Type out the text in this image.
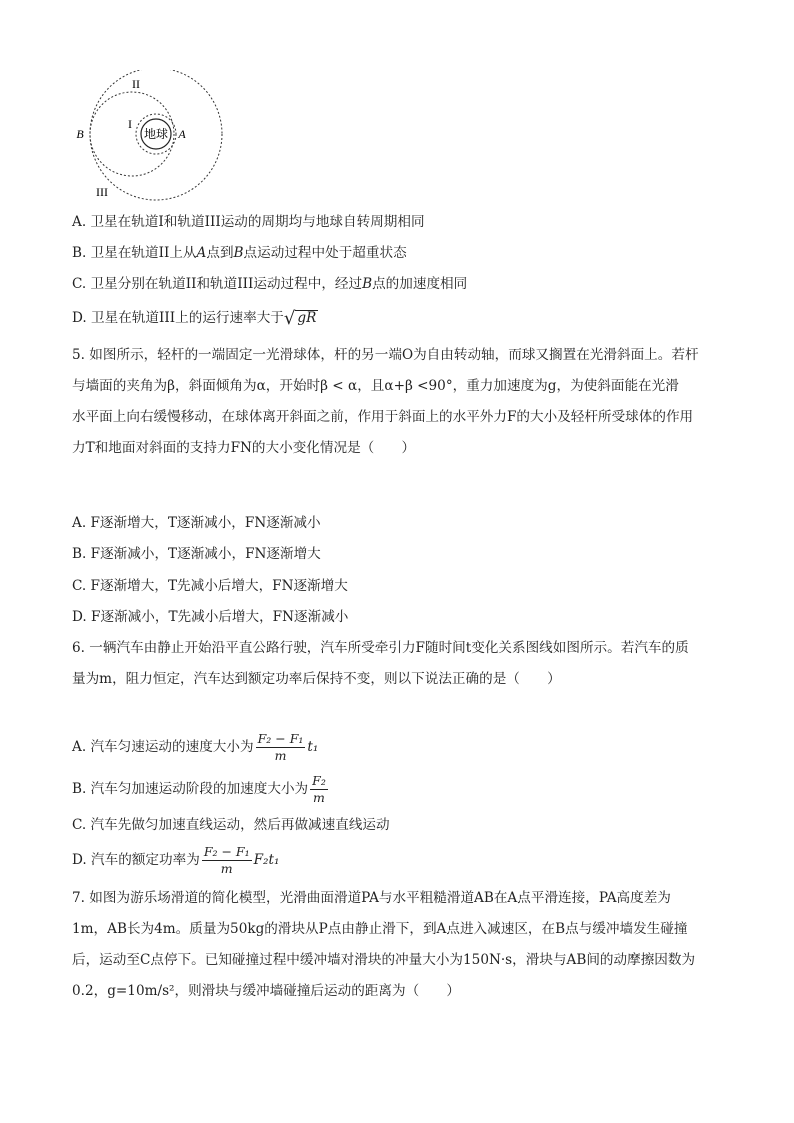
地球
II
I
III
B	A
A. 卫星在轨道I和轨道III运动的周期均与地球自转周期相同
B. 卫星在轨道II上从A点到B点运动过程中处于超重状态
C. 卫星分别在轨道II和轨道III运动过程中，经过B点的加速度相同
D. 卫星在轨道III上的运行速率大于√ gR
5. 如图所示，轻杆的一端固定一光滑球体，杆的另一端O为自由转动轴，而球又搁置在光滑斜面上。若杆
与墙面的夹角为β，斜面倾角为α，开始时β < α，且α+β <90°，重力加速度为g，为使斜面能在光滑
水平面上向右缓慢移动，在球体离开斜面之前，作用于斜面上的水平外力F的大小及轻杆所受球体的作用
力T和地面对斜面的支持力FN的大小变化情况是（　　）
A. F逐渐增大，T逐渐减小，FN逐渐减小
B. F逐渐减小，T逐渐减小，FN逐渐增大
C. F逐渐增大，T先减小后增大，FN逐渐增大
D. F逐渐减小，T先减小后增大，FN逐渐减小
6. 一辆汽车由静止开始沿平直公路行驶，汽车所受牵引力F随时间t变化关系图线如图所示。若汽车的质
量为m，阻力恒定，汽车达到额定功率后保持不变，则以下说法正确的是（　　）
A. 汽车匀速运动的速度大小为 $\frac{\text{F₂ − F₁}}{m} t_1$
B. 汽车匀加速运动阶段的加速度大小为 $\frac{\text{F₂}}{m}$
C. 汽车先做匀加速直线运动，然后再做减速直线运动
D. 汽车的额定功率为 $\frac{\text{F₂ − F₁}}{m} F_2t_1$
7. 如图为游乐场滑道的简化模型，光滑曲面滑道PA与水平粗糙滑道AB在A点平滑连接，PA高度差为
1m，AB长为4m。质量为50kg的滑块从P点由静止滑下，到A点进入减速区，在B点与缓冲墙发生碰撞
后，运动至C点停下。已知碰撞过程中缓冲墙对滑块的冲量大小为150N·s，滑块与AB间的动摩擦因数为
0.2，g=10m/s²，则滑块与缓冲墙碰撞后运动的距离为（　　）
